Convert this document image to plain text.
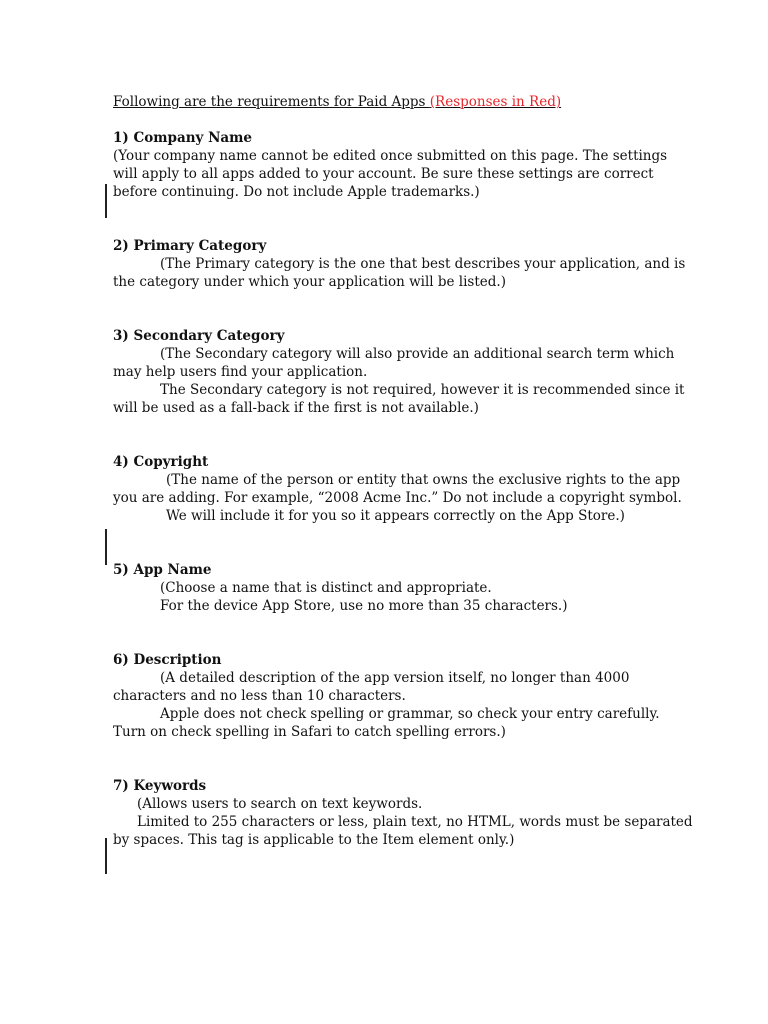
Following are the requirements for Paid Apps (Responses in Red)

1) Company Name

(Your company name cannot be edited once submitted on this page. The settings

will apply to all apps added to your account. Be sure these settings are correct

before continuing. Do not include Apple trademarks.)

2) Primary Category

(The Primary category is the one that best describes your application, and is

the category under which your application will be listed.)

3) Secondary Category

(The Secondary category will also provide an additional search term which

may help users find your application.

The Secondary category is not required, however it is recommended since it

will be used as a fall-back if the first is not available.)

4) Copyright

(The name of the person or entity that owns the exclusive rights to the app

you are adding. For example, “2008 Acme Inc.” Do not include a copyright symbol.

We will include it for you so it appears correctly on the App Store.)

5) App Name

(Choose a name that is distinct and appropriate.

For the device App Store, use no more than 35 characters.)

6) Description

(A detailed description of the app version itself, no longer than 4000

characters and no less than 10 characters.

Apple does not check spelling or grammar, so check your entry carefully.

Turn on check spelling in Safari to catch spelling errors.)

7) Keywords

(Allows users to search on text keywords.

Limited to 255 characters or less, plain text, no HTML, words must be separated

by spaces. This tag is applicable to the Item element only.)
